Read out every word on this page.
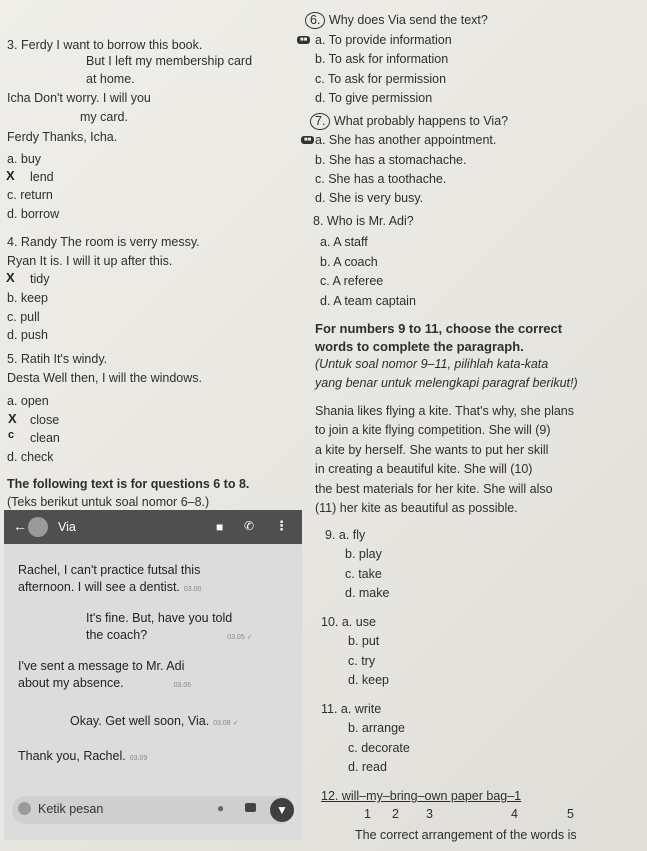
3. Ferdy I want to borrow this book.
But I left my membership card
at home.
Icha Don't worry. I will you
my card.
Ferdy Thanks, Icha.
a. buy
X lend
c. return
d. borrow
4. Randy The room is verry messy.
Ryan It is. I will it up after this.
X tidy
b. keep
c. pull
d. push
5. Ratih It's windy.
Desta Well then, I will the windows.
a. open
X close
c clean
d. check
The following text is for questions 6 to 8.
(Teks berikut untuk soal nomor 6–8.)
← Via	■ ✆ ⋮
Rachel, I can't practice futsal this
afternoon. I will see a dentist. 03.00
It's fine. But, have you told
the coach?	03.05 ✓
I've sent a message to Mr. Adi
about my absence.	03.06
Okay. Get well soon, Via. 03.08 ✓
Thank you, Rachel. 03.09
Ketik pesan	●	▼
6. Why does Via send the text?
■■ a. To provide information
b. To ask for information
c. To ask for permission
d. To give permission
7. What probably happens to Via?
■■ a. She has another appointment.
b. She has a stomachache.
c. She has a toothache.
d. She is very busy.
8. Who is Mr. Adi?
a. A staff
b. A coach
c. A referee
d. A team captain
For numbers 9 to 11, choose the correct
words to complete the paragraph.
(Untuk soal nomor 9–11, pilihlah kata-kata
yang benar untuk melengkapi paragraf berikut!)
Shania likes flying a kite. That's why, she plans
to join a kite flying competition. She will (9)
a kite by herself. She wants to put her skill
in creating a beautiful kite. She will (10)
the best materials for her kite. She will also
(11) her kite as beautiful as possible.
9. a. fly
b. play
c. take
d. make
10. a. use
b. put
c. try
d. keep
11. a. write
b. arrange
c. decorate
d. read
12. will–my–bring–own paper bag–1
1 2 3	4	5
The correct arrangement of the words is
